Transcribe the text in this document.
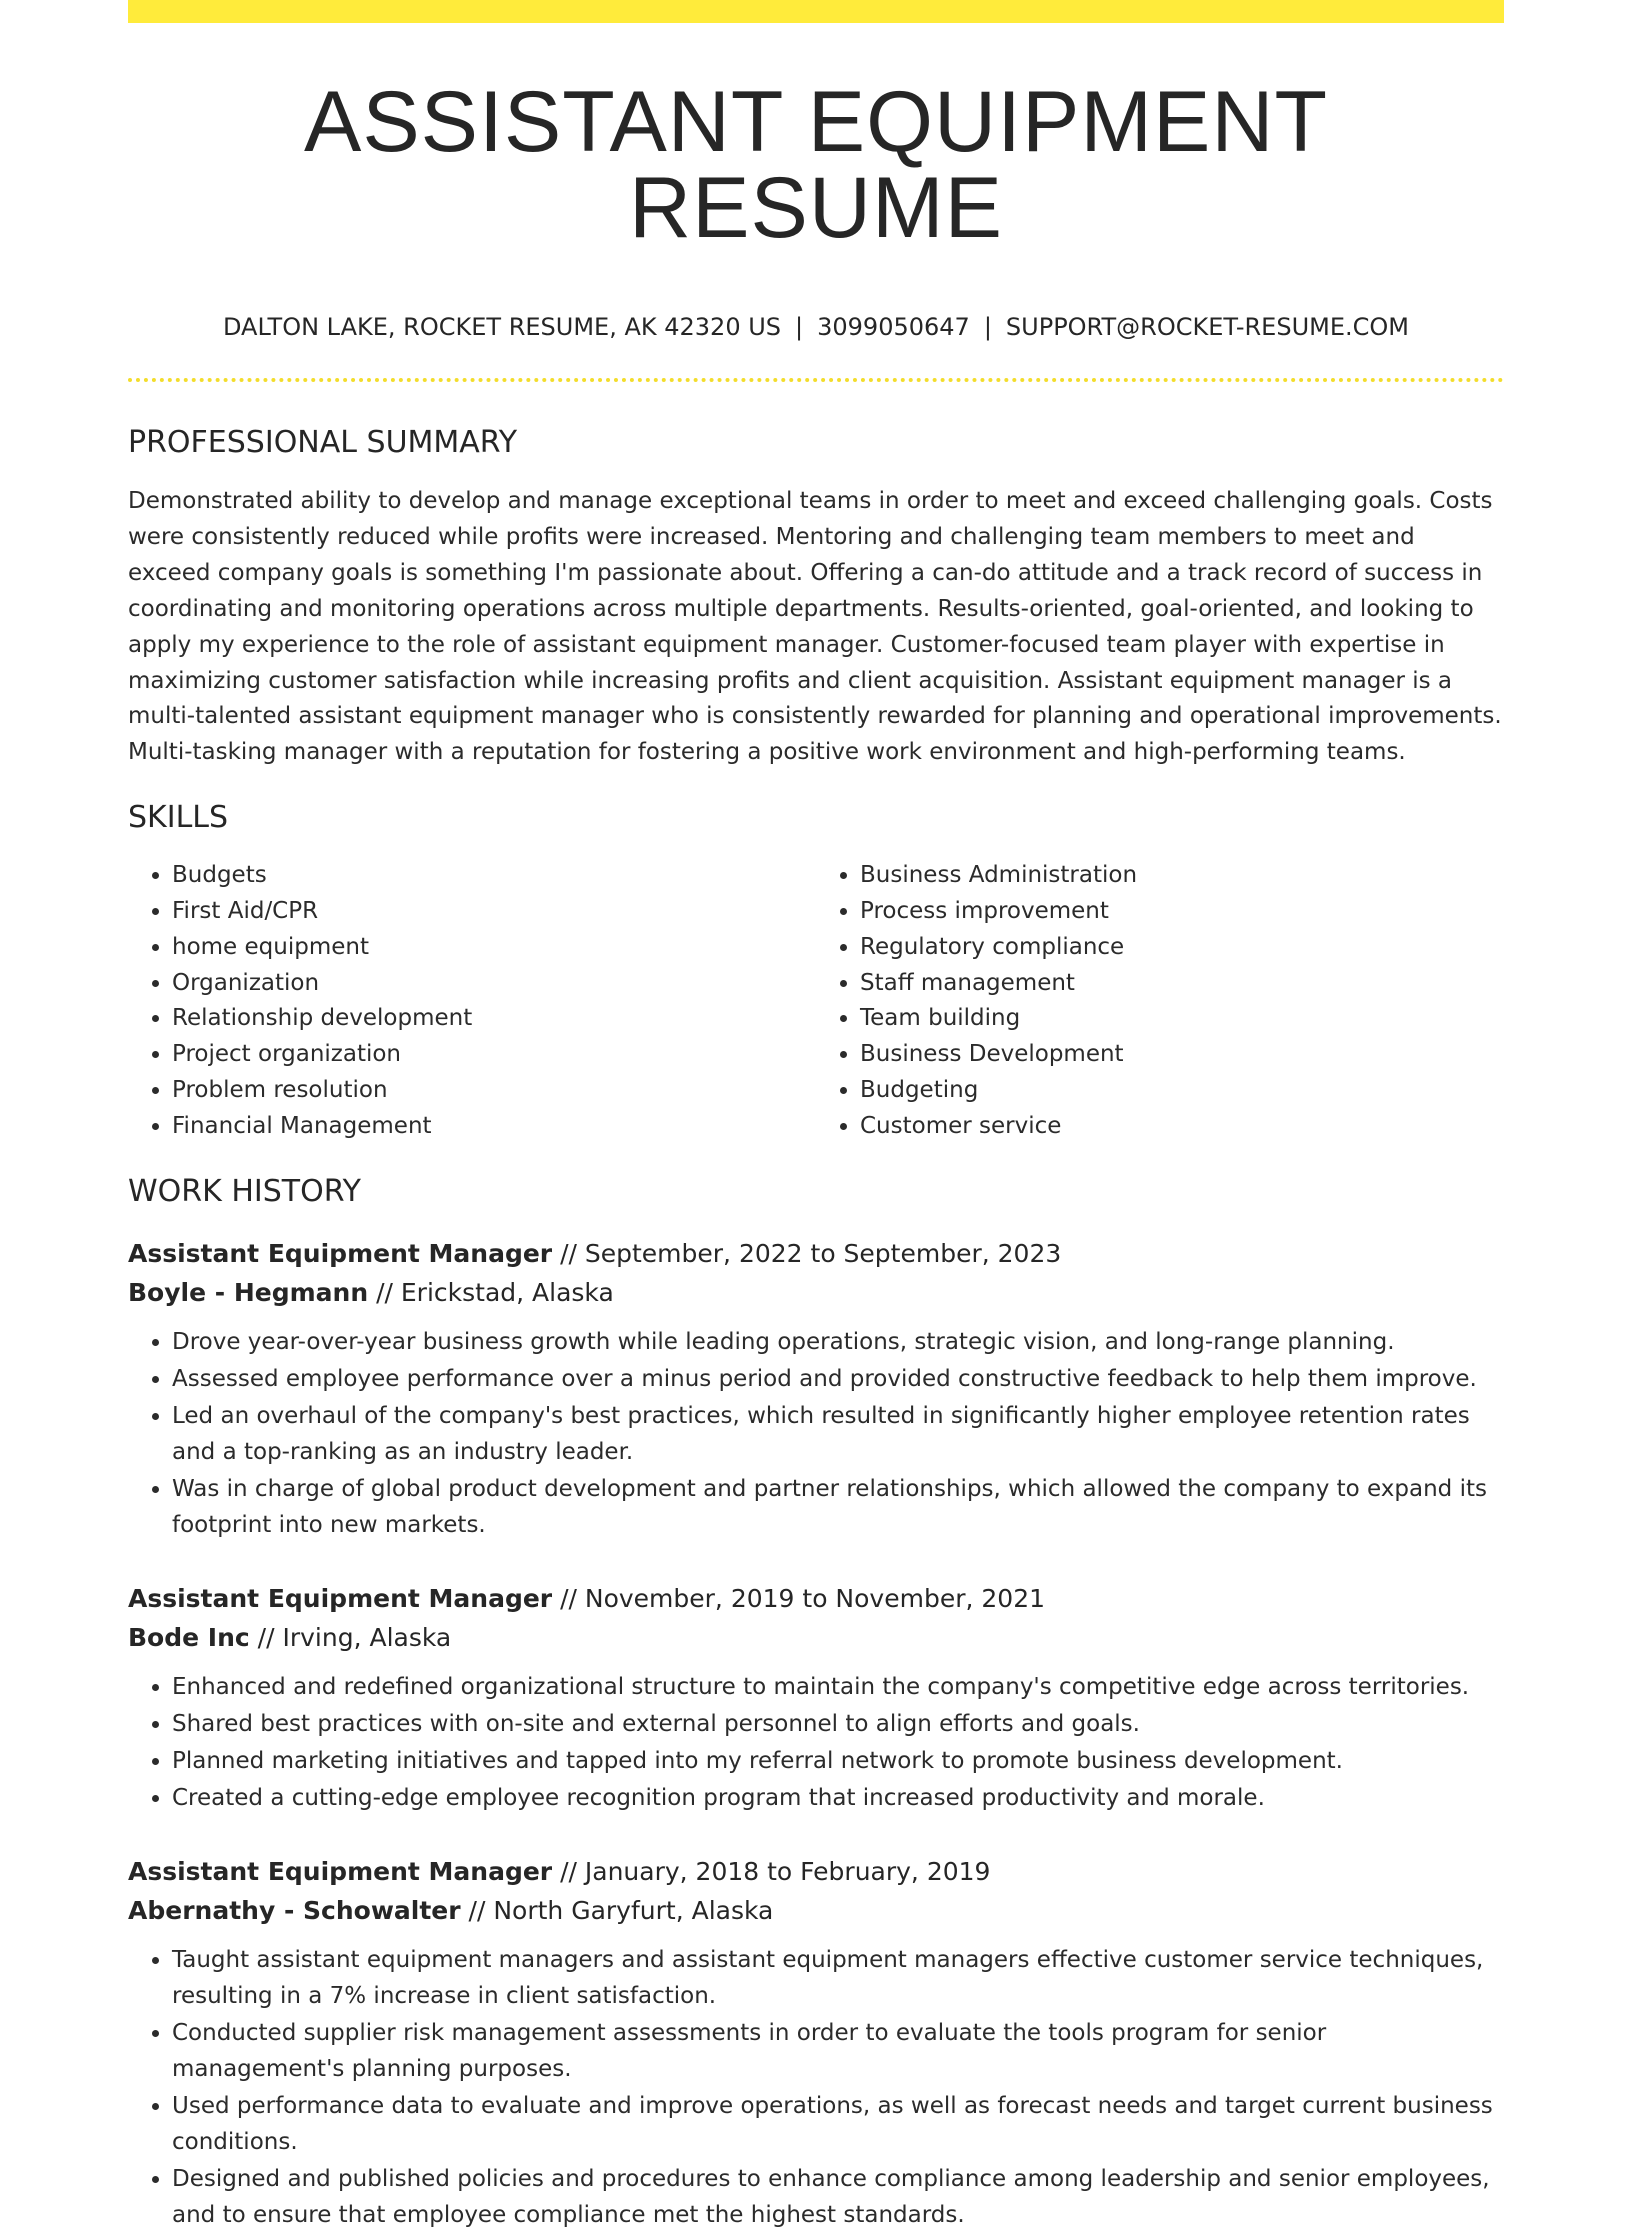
ASSISTANT EQUIPMENT RESUME
DALTON LAKE, ROCKET RESUME, AK 42320 US | 3099050647 | SUPPORT@ROCKET-RESUME.COM
PROFESSIONAL SUMMARY
Demonstrated ability to develop and manage exceptional teams in order to meet and exceed challenging goals. Costs were consistently reduced while profits were increased. Mentoring and challenging team members to meet and exceed company goals is something I'm passionate about. Offering a can-do attitude and a track record of success in coordinating and monitoring operations across multiple departments. Results-oriented, goal-oriented, and looking to apply my experience to the role of assistant equipment manager. Customer-focused team player with expertise in maximizing customer satisfaction while increasing profits and client acquisition. Assistant equipment manager is a multi-talented assistant equipment manager who is consistently rewarded for planning and operational improvements. Multi-tasking manager with a reputation for fostering a positive work environment and high-performing teams.
SKILLS
• Budgets
• First Aid/CPR
• home equipment
• Organization
• Relationship development
• Project organization
• Problem resolution
• Financial Management
• Business Administration
• Process improvement
• Regulatory compliance
• Staff management
• Team building
• Business Development
• Budgeting
• Customer service
WORK HISTORY
Assistant Equipment Manager // September, 2022 to September, 2023
Boyle - Hegmann // Erickstad, Alaska
• Drove year-over-year business growth while leading operations, strategic vision, and long-range planning.
• Assessed employee performance over a minus period and provided constructive feedback to help them improve.
• Led an overhaul of the company's best practices, which resulted in significantly higher employee retention rates and a top-ranking as an industry leader.
• Was in charge of global product development and partner relationships, which allowed the company to expand its footprint into new markets.
Assistant Equipment Manager // November, 2019 to November, 2021
Bode Inc // Irving, Alaska
• Enhanced and redefined organizational structure to maintain the company's competitive edge across territories.
• Shared best practices with on-site and external personnel to align efforts and goals.
• Planned marketing initiatives and tapped into my referral network to promote business development.
• Created a cutting-edge employee recognition program that increased productivity and morale.
Assistant Equipment Manager // January, 2018 to February, 2019
Abernathy - Schowalter // North Garyfurt, Alaska
• Taught assistant equipment managers and assistant equipment managers effective customer service techniques, resulting in a 7% increase in client satisfaction.
• Conducted supplier risk management assessments in order to evaluate the tools program for senior management's planning purposes.
• Used performance data to evaluate and improve operations, as well as forecast needs and target current business conditions.
• Designed and published policies and procedures to enhance compliance among leadership and senior employees, and to ensure that employee compliance met the highest standards.
